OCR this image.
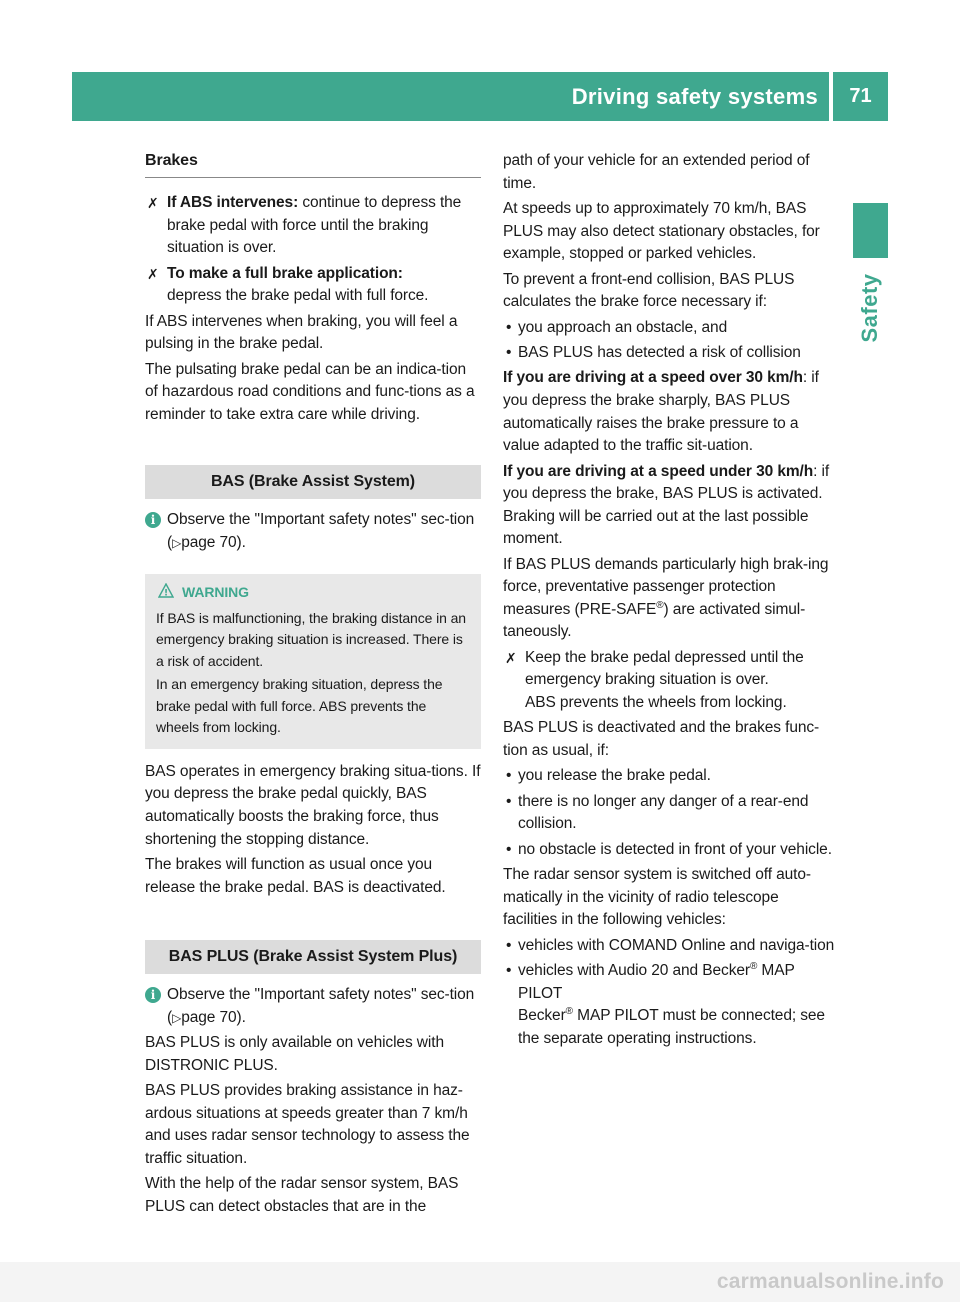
Driving safety systems	71
Safety
Brakes
✗ If ABS intervenes: continue to depress the brake pedal with force until the braking situation is over.
✗ To make a full brake application:
depress the brake pedal with full force.

If ABS intervenes when braking, you will feel a pulsing in the brake pedal.

The pulsating brake pedal can be an indica-tion of hazardous road conditions and func-tions as a reminder to take extra care while driving.

BAS (Brake Assist System)
i Observe the "Important safety notes" sec-tion (▷page 70).
! WARNING

If BAS is malfunctioning, the braking distance in an emergency braking situation is increased. There is a risk of accident.

In an emergency braking situation, depress the brake pedal with full force. ABS prevents the wheels from locking.

BAS operates in emergency braking situa-tions. If you depress the brake pedal quickly, BAS automatically boosts the braking force, thus shortening the stopping distance.

The brakes will function as usual once you release the brake pedal. BAS is deactivated.

BAS PLUS (Brake Assist System Plus)
i Observe the "Important safety notes" sec-tion (▷page 70).

BAS PLUS is only available on vehicles with DISTRONIC PLUS.

BAS PLUS provides braking assistance in haz-ardous situations at speeds greater than 7 km/h and uses radar sensor technology to assess the traffic situation.

With the help of the radar sensor system, BAS PLUS can detect obstacles that are in the

path of your vehicle for an extended period of time.

At speeds up to approximately 70 km/h, BAS PLUS may also detect stationary obstacles, for example, stopped or parked vehicles.

To prevent a front-end collision, BAS PLUS calculates the brake force necessary if:

• you approach an obstacle, and
• BAS PLUS has detected a risk of collision

If you are driving at a speed over 30 km/h: if you depress the brake sharply, BAS PLUS automatically raises the brake pressure to a value adapted to the traffic sit-uation.

If you are driving at a speed under 30 km/h: if you depress the brake, BAS PLUS is activated. Braking will be carried out at the last possible moment.

If BAS PLUS demands particularly high brak-ing force, preventative passenger protection measures (PRE-SAFE®) are activated simul-taneously.

✗ Keep the brake pedal depressed until the emergency braking situation is over.
ABS prevents the wheels from locking.

BAS PLUS is deactivated and the brakes func-tion as usual, if:

• you release the brake pedal.
• there is no longer any danger of a rear-end collision.
• no obstacle is detected in front of your vehicle.

The radar sensor system is switched off auto-matically in the vicinity of radio telescope facilities in the following vehicles:

• vehicles with COMAND Online and naviga-tion
• vehicles with Audio 20 and Becker® MAP PILOT
Becker® MAP PILOT must be connected; see the separate operating instructions.
carmanualsonline.info
